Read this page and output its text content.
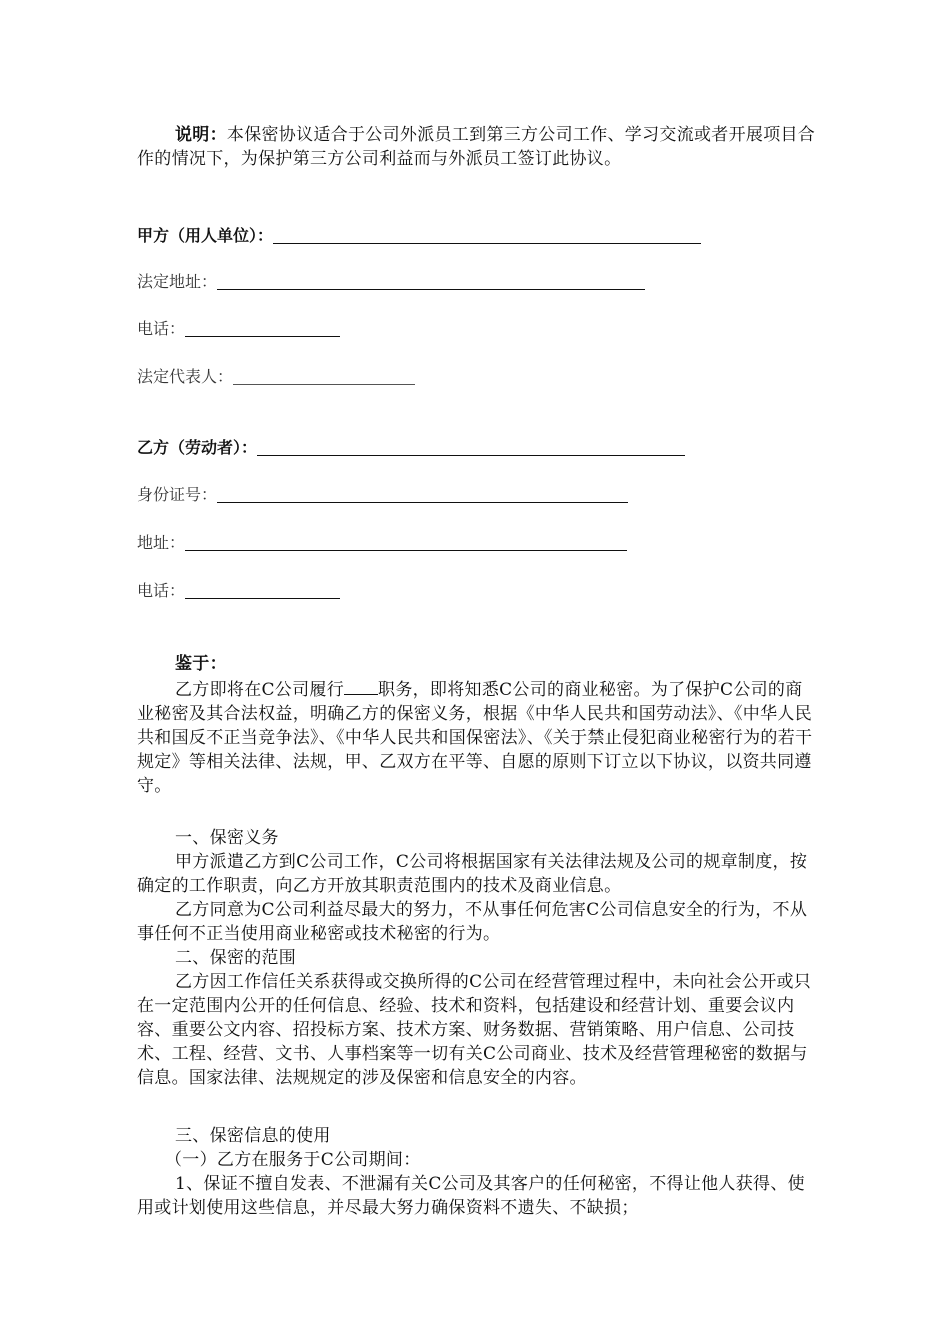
说明：本保密协议适合于公司外派员工到第三方公司工作、学习交流或者开展项目合作的情况下，为保护第三方公司利益而与外派员工签订此协议。

甲方（用人单位）：
法定地址：
电话：
法定代表人：
乙方（劳动者）：
身份证号：
地址：
电话：

鉴于：

乙方即将在C公司履行 职务，即将知悉C公司的商业秘密。为了保护C公司的商业秘密及其合法权益，明确乙方的保密义务，根据《中华人民共和国劳动法》、《中华人民共和国反不正当竞争法》、《中华人民共和国保密法》、《关于禁止侵犯商业秘密行为的若干规定》等相关法律、法规，甲、乙双方在平等、自愿的原则下订立以下协议，以资共同遵守。

一、保密义务

甲方派遣乙方到C公司工作，C公司将根据国家有关法律法规及公司的规章制度，按确定的工作职责，向乙方开放其职责范围内的技术及商业信息。

乙方同意为C公司利益尽最大的努力，不从事任何危害C公司信息安全的行为，不从事任何不正当使用商业秘密或技术秘密的行为。

二、保密的范围

乙方因工作信任关系获得或交换所得的C公司在经营管理过程中，未向社会公开或只在一定范围内公开的任何信息、经验、技术和资料，包括建设和经营计划、重要会议内容、重要公文内容、招投标方案、技术方案、财务数据、营销策略、用户信息、公司技术、工程、经营、文书、人事档案等一切有关C公司商业、技术及经营管理秘密的数据与信息。国家法律、法规规定的涉及保密和信息安全的内容。

三、保密信息的使用

（一）乙方在服务于C公司期间：

1、保证不擅自发表、不泄漏有关C公司及其客户的任何秘密，不得让他人获得、使用或计划使用这些信息，并尽最大努力确保资料不遗失、不缺损；
